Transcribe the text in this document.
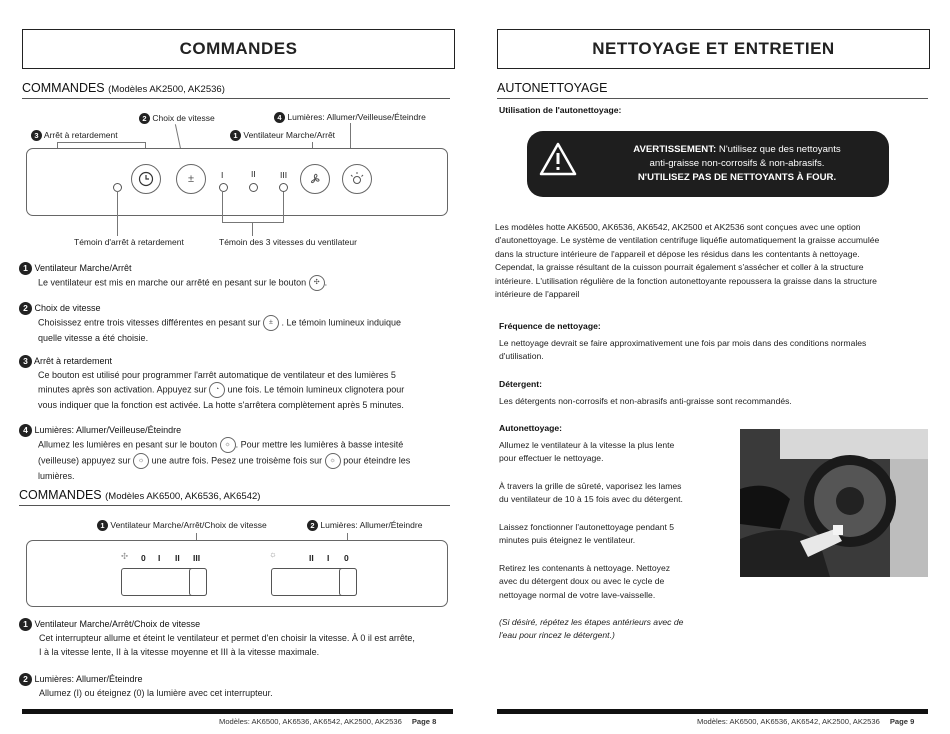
COMMANDES
COMMANDES (Modèles AK2500, AK2536)
2 Choix de vitesse	4 Lumières: Allumer/Veilleuse/Éteindre
3 Arrêt à retardement	1 Ventilateur Marche/Arrêt
±	I	II	III
Témoin d'arrêt à retardement	Témoin des 3 vitesses du ventilateur
1 Ventilateur Marche/Arrêt
Le ventilateur est mis en marche our arrêté en pesant sur le bouton ✣ .
2 Choix de vitesse
Choisissez entre trois vitesses différentes en pesant sur ± . Le témoin lumineux induique
quelle vitesse a été choisie.
3 Arrêt à retardement
Ce bouton est utilisé pour programmer l'arrêt automatique de ventilateur et des lumières 5
minutes après son activation. Appuyez sur ◔ une fois. Le témoin lumineux clignotera pour
vous indiquer que la fonction est activée. La hotte s'arrêtera complètement après 5 minutes.
4 Lumières: Allumer/Veilleuse/Éteindre
Allumez les lumières en pesant sur le bouton ☼ . Pour mettre les lumières à basse intesité
(veilleuse) appuyez sur ☼ une autre fois. Pesez une troisème fois sur ☼ pour éteindre les
lumières.
COMMANDES (Modèles AK6500, AK6536, AK6542)
1 Ventilateur Marche/Arrêt/Choix de vitesse	2 Lumières: Allumer/Éteindre
✣ 0 I II III	☼	II I 0
1 Ventilateur Marche/Arrêt/Choix de vitesse
Cet interrupteur allume et éteint le ventilateur et permet d'en choisir la vitesse. À 0 il est arrête,
I à la vitesse lente, II à la vitesse moyenne et III à la vitesse maximale.
2 Lumières: Allumer/Éteindre
Allumez (I) ou éteignez (0) la lumière avec cet interrupteur.
Modèles: AK6500, AK6536, AK6542, AK2500, AK2536 Page 8
NETTOYAGE ET ENTRETIEN
AUTONETTOYAGE
Utilisation de l'autonettoyage:
AVERTISSEMENT: N'utilisez que des nettoyants
anti-graisse non-corrosifs & non-abrasifs.
N'UTILISEZ PAS DE NETTOYANTS À FOUR.
Les modèles hotte AK6500, AK6536, AK6542, AK2500 et AK2536 sont conçues avec une option
d'autonettoyage. Le système de ventilation centrifuge liquéfie automatiquement la graisse accumulée
dans la structure intérieure de l'appareil et dépose les résidus dans les contentants à nettoyage.
Cependat, la graisse résultant de la cuisson pourrait également s'assécher et coller à la structure
intérieure. L'utilisation régulière de la fonction autonettoyante repoussera la graisse dans la structure
intérieure de l'appareil
Fréquence de nettoyage:
Le nettoyage devrait se faire approximativement une fois par mois dans des conditions normales
d'utilisation.
Détergent:
Les détergents non-corrosifs et non-abrasifs anti-graisse sont recommandés.
Autonettoyage:
Allumez le ventilateur à la vitesse la plus lente
pour effectuer le nettoyage.
À travers la grille de sûreté, vaporisez les lames
du ventilateur de 10 à 15 fois avec du détergent.
Laissez fonctionner l'autonettoyage pendant 5
minutes puis éteignez le ventilateur.
Retirez les contenants à nettoyage. Nettoyez
avec du détergent doux ou avec le cycle de
nettoyage normal de votre lave-vaisselle.
(Si désiré, répétez les étapes antérieurs avec de
l'eau pour rincez le détergent.)
Modèles: AK6500, AK6536, AK6542, AK2500, AK2536 Page 9
